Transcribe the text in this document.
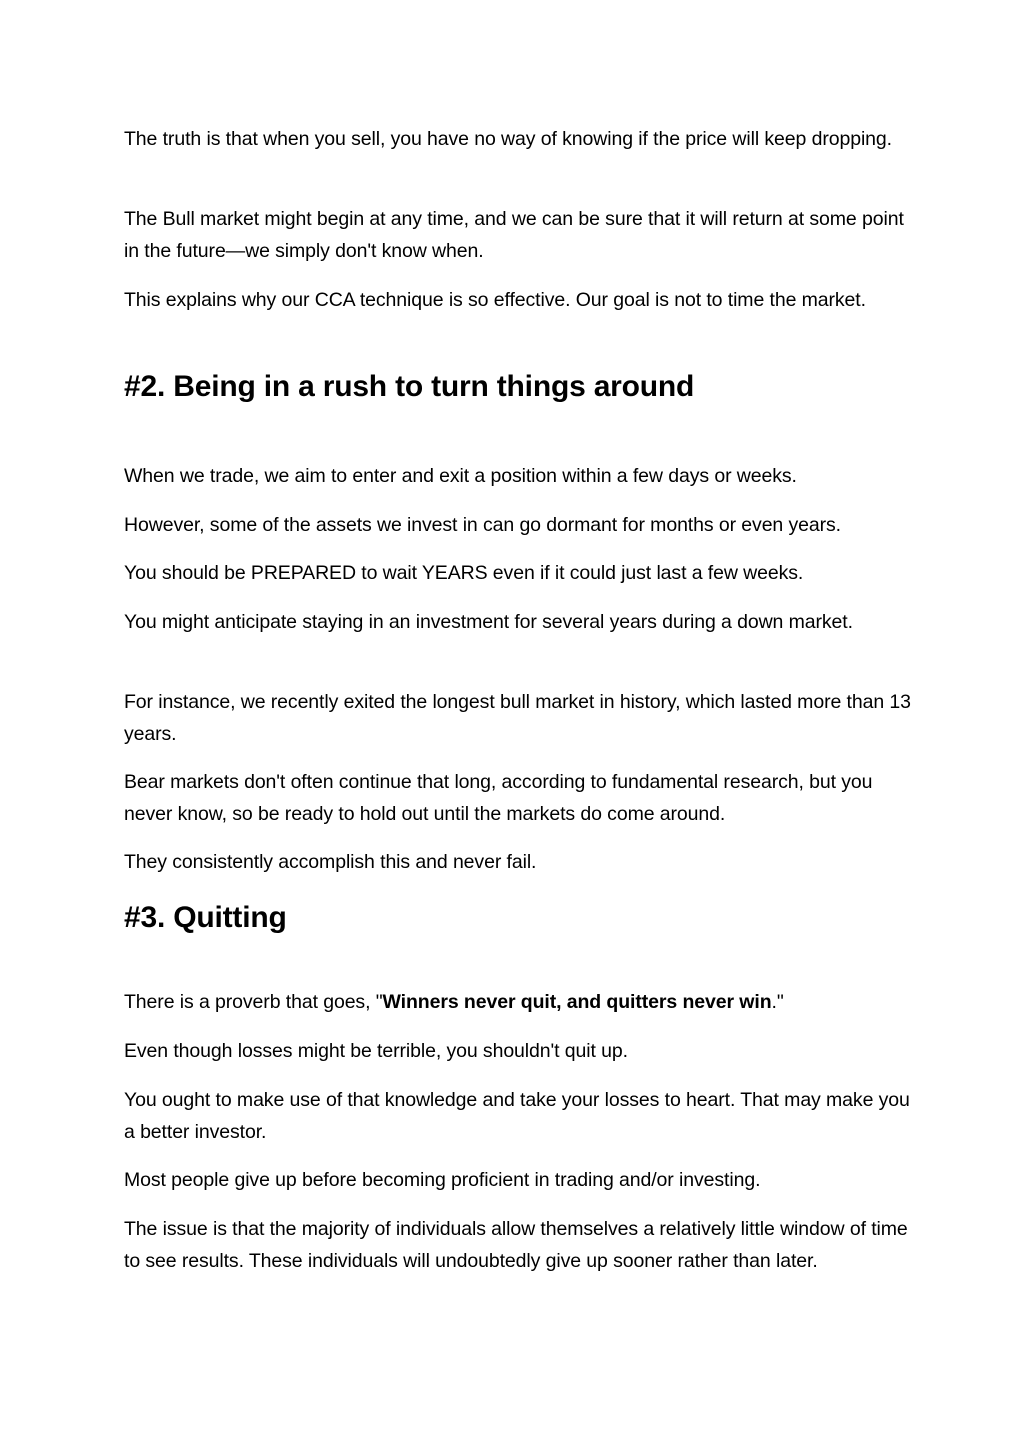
The truth is that when you sell, you have no way of knowing if the price will keep dropping.

The Bull market might begin at any time, and we can be sure that it will return at some point in the future—we simply don't know when.

This explains why our CCA technique is so effective. Our goal is not to time the market.

#2. Being in a rush to turn things around

When we trade, we aim to enter and exit a position within a few days or weeks.

However, some of the assets we invest in can go dormant for months or even years.

You should be PREPARED to wait YEARS even if it could just last a few weeks.

You might anticipate staying in an investment for several years during a down market.

For instance, we recently exited the longest bull market in history, which lasted more than 13 years.

Bear markets don't often continue that long, according to fundamental research, but you never know, so be ready to hold out until the markets do come around.

They consistently accomplish this and never fail.

#3. Quitting

There is a proverb that goes, "Winners never quit, and quitters never win."

Even though losses might be terrible, you shouldn't quit up.

You ought to make use of that knowledge and take your losses to heart. That may make you a better investor.

Most people give up before becoming proficient in trading and/or investing.

The issue is that the majority of individuals allow themselves a relatively little window of time to see results. These individuals will undoubtedly give up sooner rather than later.
